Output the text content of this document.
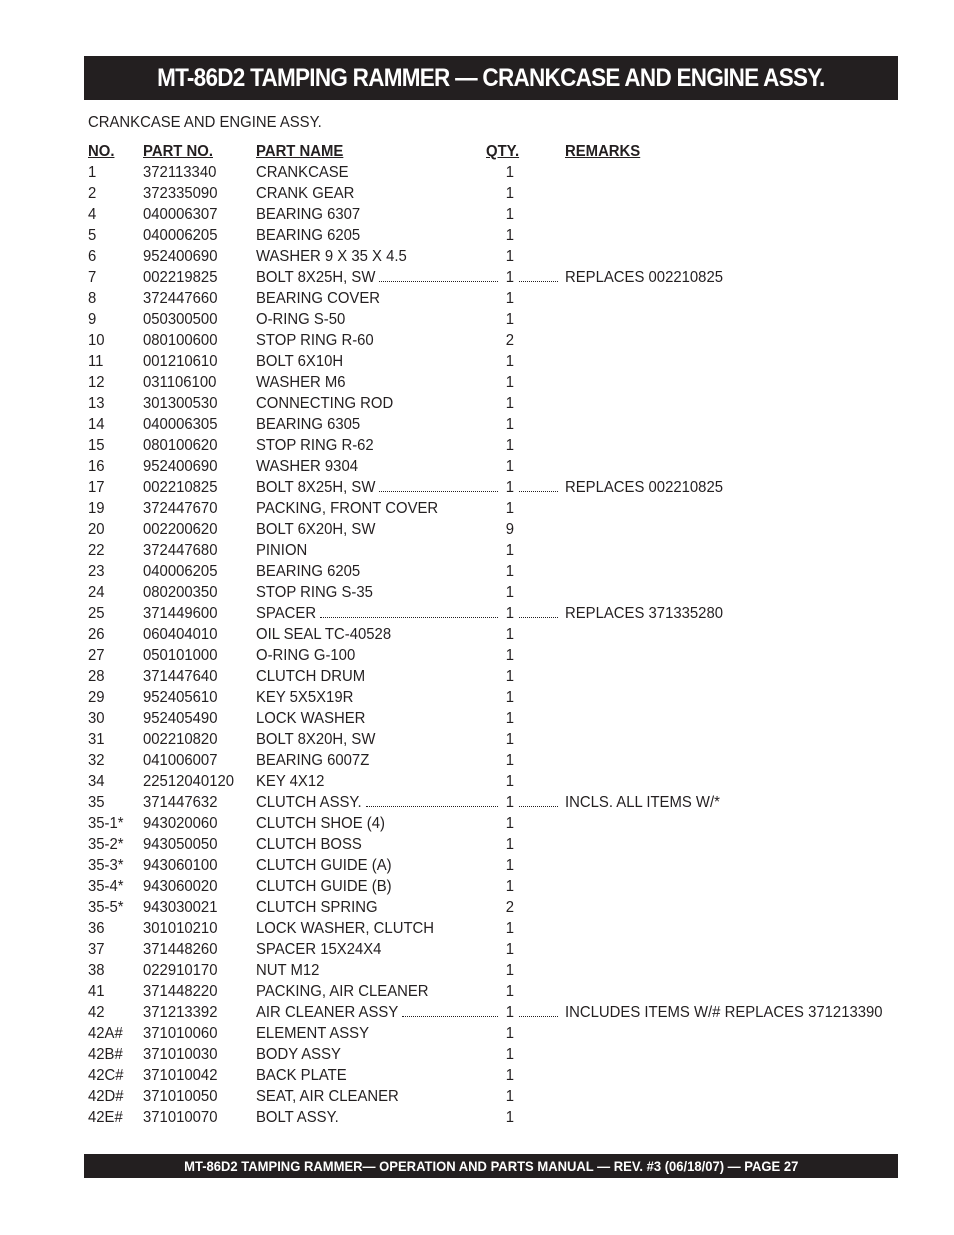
MT-86D2 TAMPING RAMMER — CRANKCASE AND ENGINE ASSY.
CRANKCASE AND ENGINE ASSY.
NO. PART NO.	PART NAME	QTY.	REMARKS
1	372113340 CRANKCASE	1
2	372335090 CRANK GEAR	1
4	040006307 BEARING 6307	1
5	040006205 BEARING 6205	1
6	952400690 WASHER 9 X 35 X 4.5	1
7	002219825 BOLT 8X25H, SW	1	REPLACES 002210825
8	372447660 BEARING COVER	1
9	050300500 O-RING S-50	1
10 080100600 STOP RING R-60	2
11 001210610 BOLT 6X10H	1
12 031106100 WASHER M6	1
13 301300530 CONNECTING ROD	1
14 040006305 BEARING 6305	1
15 080100620 STOP RING R-62	1
16 952400690 WASHER 9304	1
17 002210825 BOLT 8X25H, SW	1	REPLACES 002210825
19 372447670 PACKING, FRONT COVER	1
20 002200620 BOLT 6X20H, SW	9
22 372447680 PINION	1
23 040006205 BEARING 6205	1
24 080200350 STOP RING S-35	1
25 371449600 SPACER	1	REPLACES 371335280
26 060404010 OIL SEAL TC-40528	1
27 050101000 O-RING G-100	1
28 371447640 CLUTCH DRUM	1
29 952405610 KEY 5X5X19R	1
30 952405490 LOCK WASHER	1
31 002210820 BOLT 8X20H, SW	1
32 041006007 BEARING 6007Z	1
34 22512040120 KEY 4X12	1
35 371447632 CLUTCH ASSY.	1	INCLS. ALL ITEMS W/*
35-1* 943020060 CLUTCH SHOE (4)	1
35-2* 943050050 CLUTCH BOSS	1
35-3* 943060100 CLUTCH GUIDE (A)	1
35-4* 943060020 CLUTCH GUIDE (B)	1
35-5* 943030021 CLUTCH SPRING	2
36 301010210 LOCK WASHER, CLUTCH	1
37 371448260 SPACER 15X24X4	1
38 022910170 NUT M12	1
41 371448220 PACKING, AIR CLEANER	1
42 371213392 AIR CLEANER ASSY	1	INCLUDES ITEMS W/# REPLACES 371213390
42A# 371010060 ELEMENT ASSY	1
42B# 371010030 BODY ASSY	1
42C# 371010042 BACK PLATE	1
42D# 371010050 SEAT, AIR CLEANER	1
42E# 371010070 BOLT ASSY.	1
MT-86D2 TAMPING RAMMER— OPERATION AND PARTS MANUAL — REV. #3 (06/18/07) — PAGE 27
